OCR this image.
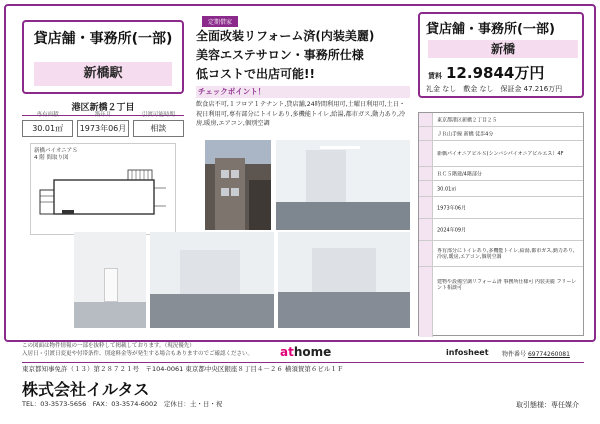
貸店舗・事務所(一部)
新橋駅
港区新橋２丁目
専有面積
30.01㎡
築年月
1973年06月
引渡可能時期
相談
新橋パイオニアＳ
4 階 間取り図
定期借家
全面改装リフォーム済(内装美麗)
美容エステサロン・事務所仕様
低コストで出店可能!!
チェックポイント！
飲食店不可,１フロア１テナント,貸店舗,24時間利用可,土曜日利用可,土日・祝日利用可,専有部分にトイレあり,多機能トイレ,給湯,都市ガス,動力あり,冷房,暖房,エアコン,個別空調
貸店舗・事務所(一部)
新橋
賃料 12.9844万円
礼金 なし　敷金 なし　保証金 47.216万円
東京都港区新橋２丁目２５
ＪＲ山手線 新橋 徒歩4分
新橋パイオニアビルＳ(シンバシパイオニアビルエス）4F
ＲＣ５階建/4階部分
30.01㎡
1973年06月
2024年09月
専有部分にトイレあり,多機能トイレ,給湯,都市ガス,動力あり,冷房,暖房,エアコン,個別空調
建物や設備空調リフォーム済 事務所仕様可 内装美麗 フリーレント相談可
この図面は物件情報の一部を抜粋して掲載しております。（現況優先）
入居日・引渡日変更や付帯条件、別途料金等が発生する場合もありますのでご確認ください。 athome	infosheet 物件番号 69774260081
東京都知事免許（１３）第２８７２１号　〒104-0061 東京都中央区銀座８丁目４－２６ 横須賀第６ビル１Ｆ
株式会社イルタス
TEL：03-3573-5656　FAX：03-3574-6002　定休日：土・日・祝	取引態様：専任媒介
